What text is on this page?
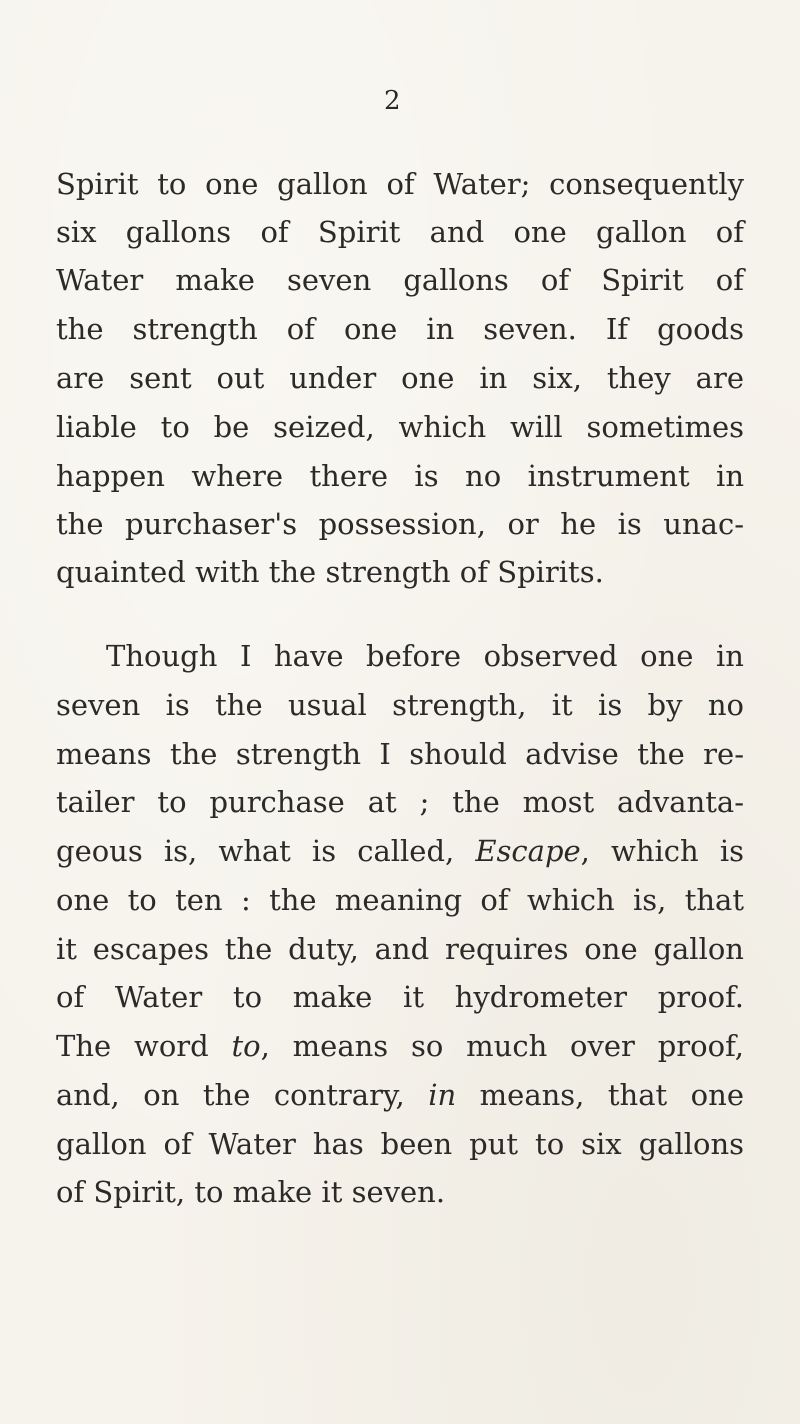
2
Spirit to one gallon of Water; consequently
six gallons of Spirit and one gallon of
Water make seven gallons of Spirit of
the strength of one in seven. If goods
are sent out under one in six, they are
liable to be seized, which will sometimes
happen where there is no instrument in
the purchaser's possession, or he is unac-
quainted with the strength of Spirits.
Though I have before observed one in
seven is the usual strength, it is by no
means the strength I should advise the re-
tailer to purchase at ; the most advanta-
geous is, what is called, Escape, which is
one to ten : the meaning of which is, that
it escapes the duty, and requires one gallon
of Water to make it hydrometer proof.
The word to, means so much over proof,
and, on the contrary, in means, that one
gallon of Water has been put to six gallons
of Spirit, to make it seven.
